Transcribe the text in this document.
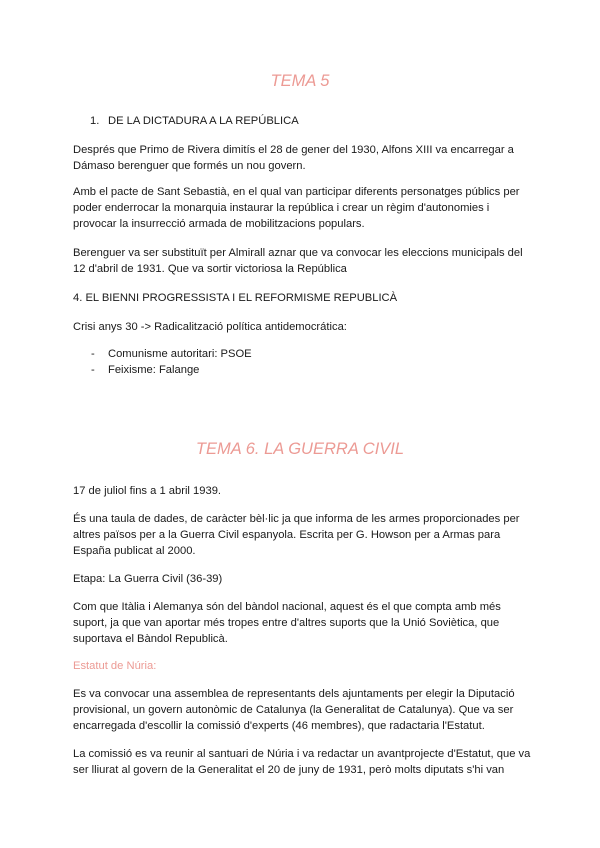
TEMA 5

1. DE LA DICTADURA A LA REPÚBLICA

Després que Primo de Rivera dimitís el 28 de gener del 1930, Alfons XIII va encarregar a

Dámaso berenguer que formés un nou govern.

Amb el pacte de Sant Sebastià, en el qual van participar diferents personatges públics per

poder enderrocar la monarquia instaurar la república i crear un règim d'autonomies i

provocar la insurrecció armada de mobilitzacions populars.

Berenguer va ser substituït per Almirall aznar que va convocar les eleccions municipals del

12 d'abril de 1931. Que va sortir victoriosa la República

4. EL BIENNI PROGRESSISTA I EL REFORMISME REPUBLICÀ

Crisi anys 30 -> Radicalització política antidemocrática:

- Comunisme autoritari: PSOE
- Feixisme: Falange

TEMA 6. LA GUERRA CIVIL

17 de juliol fins a 1 abril 1939.

És una taula de dades, de caràcter bèl·lic ja que informa de les armes proporcionades per

altres països per a la Guerra Civil espanyola. Escrita per G. Howson per a Armas para

España publicat al 2000.

Etapa: La Guerra Civil (36-39)

Com que Itàlia i Alemanya són del bàndol nacional, aquest és el que compta amb més

suport, ja que van aportar més tropes entre d'altres suports que la Unió Soviètica, que

suportava el Bàndol Republicà.

Estatut de Núria:

Es va convocar una assemblea de representants dels ajuntaments per elegir la Diputació

provisional, un govern autonòmic de Catalunya (la Generalitat de Catalunya). Que va ser

encarregada d'escollir la comissió d'experts (46 membres), que radactaria l'Estatut.

La comissió es va reunir al santuari de Núria i va redactar un avantprojecte d'Estatut, que va

ser lliurat al govern de la Generalitat el 20 de juny de 1931, però molts diputats s'hi van
